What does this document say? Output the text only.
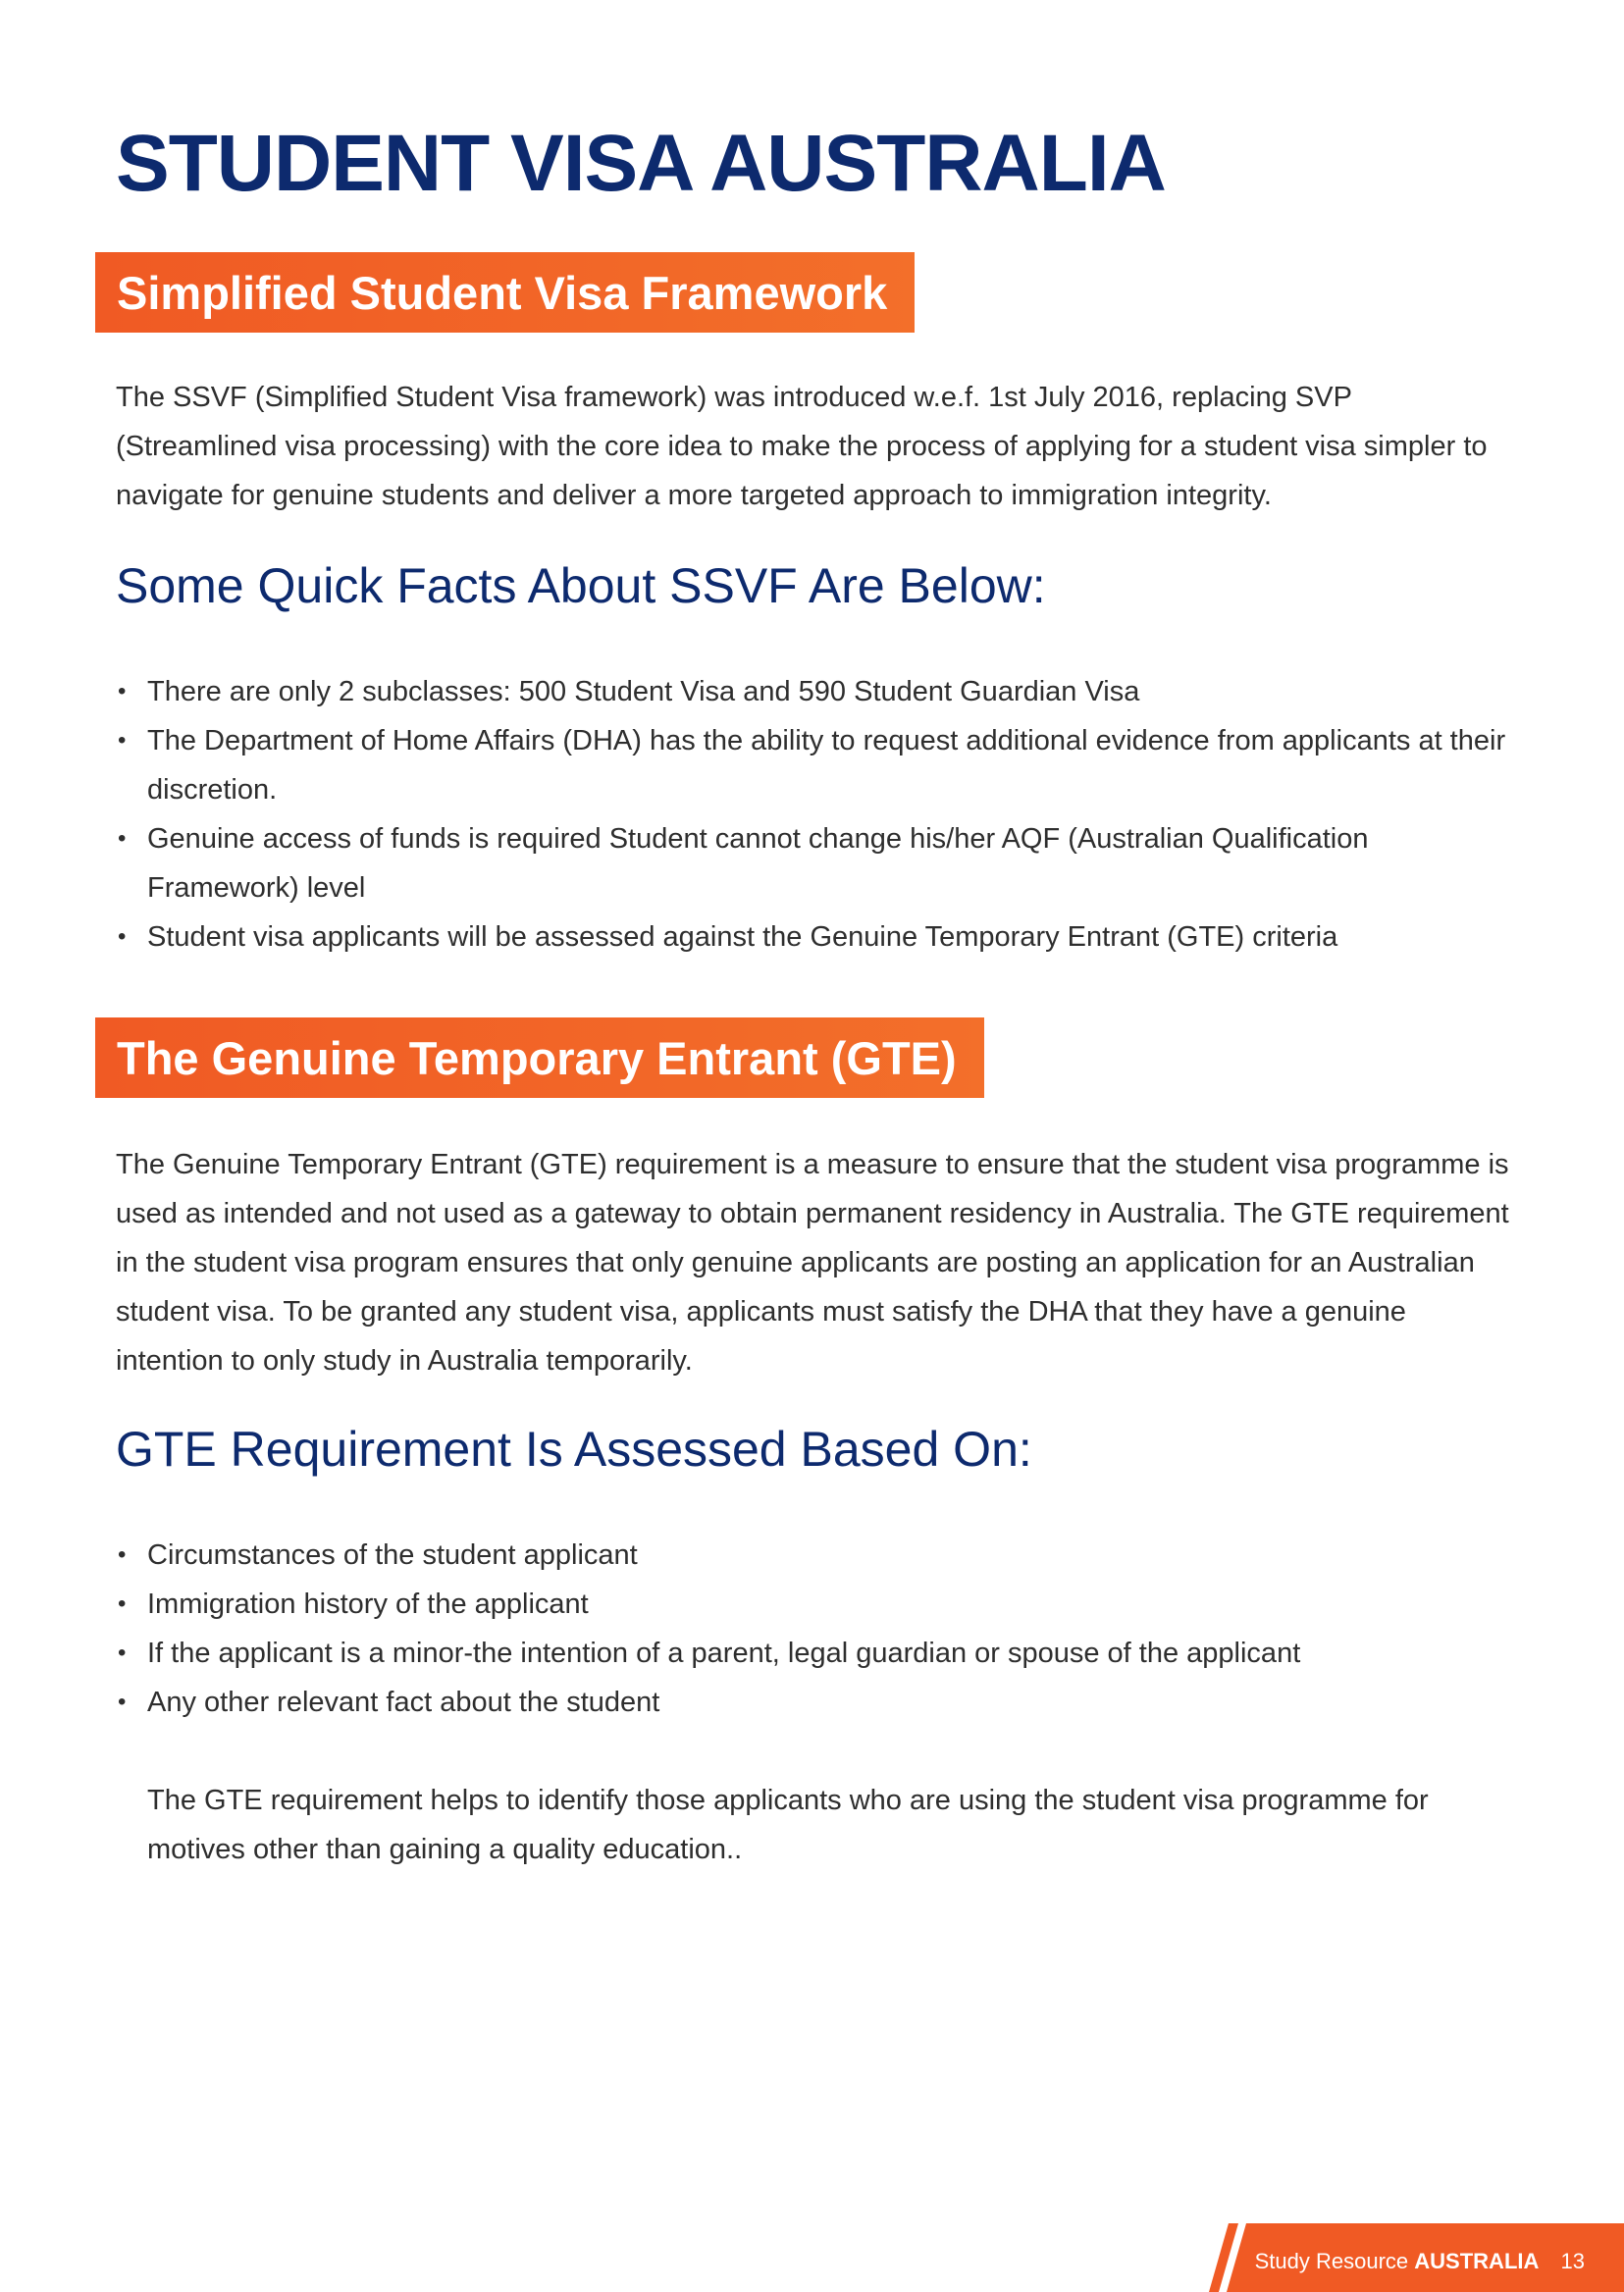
STUDENT VISA AUSTRALIA
Simplified Student Visa Framework

The SSVF (Simplified Student Visa framework) was introduced w.e.f. 1st July 2016, replacing SVP (Streamlined visa processing) with the core idea to make the process of applying for a student visa simpler to navigate for genuine students and deliver a more targeted approach to immigration integrity.

Some Quick Facts About SSVF Are Below:
• There are only 2 subclasses: 500 Student Visa and 590 Student Guardian Visa
• The Department of Home Affairs (DHA) has the ability to request additional evidence from applicants at their discretion.
• Genuine access of funds is required Student cannot change his/her AQF (Australian Qualification Framework) level
• Student visa applicants will be assessed against the Genuine Temporary Entrant (GTE) criteria
The Genuine Temporary Entrant (GTE)

The Genuine Temporary Entrant (GTE) requirement is a measure to ensure that the student visa programme is used as intended and not used as a gateway to obtain permanent residency in Australia. The GTE requirement in the student visa program ensures that only genuine applicants are posting an application for an Australian student visa. To be granted any student visa, applicants must satisfy the DHA that they have a genuine intention to only study in Australia temporarily.

GTE Requirement Is Assessed Based On:
• Circumstances of the student applicant
• Immigration history of the applicant
• If the applicant is a minor-the intention of a parent, legal guardian or spouse of the applicant
• Any other relevant fact about the student

The GTE requirement helps to identify those applicants who are using the student visa programme for motives other than gaining a quality education..

Study Resource AUSTRALIA 13
